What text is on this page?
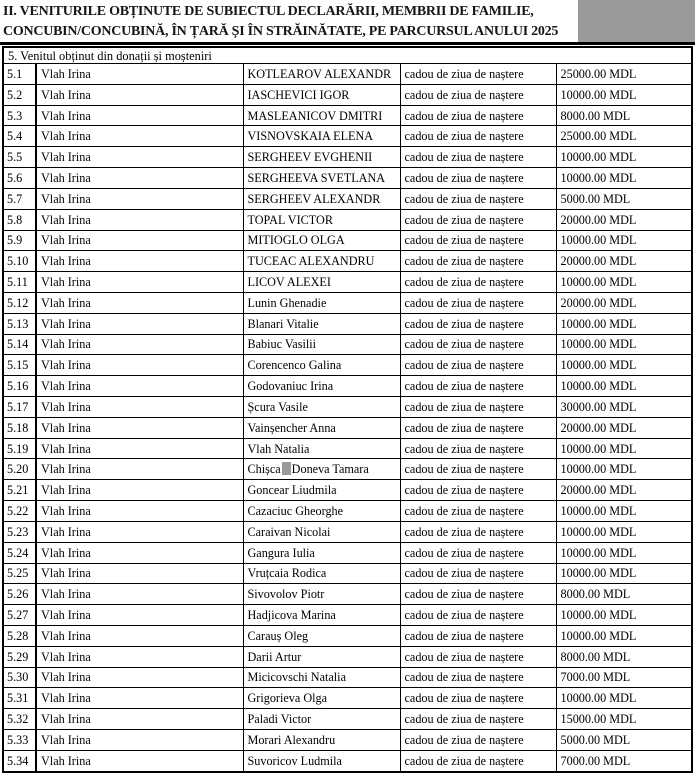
II. VENITURILE OBȚINUTE DE SUBIECTUL DECLARĂRII, MEMBRII DE FAMILIE,
CONCUBIN/CONCUBINĂ, ÎN ȚARĂ ȘI ÎN STRĂINĂTATE, PE PARCURSUL ANULUI 2025
5. Venitul obținut din donații și moșteniri				
5.1	Vlah Irina	KOTLEAROV ALEXANDR	cadou de ziua de naștere	25000.00 MDL
5.2	Vlah Irina	IASCHEVICI IGOR	cadou de ziua de naștere	10000.00 MDL
5.3	Vlah Irina	MASLEANICOV DMITRI	cadou de ziua de naștere	8000.00 MDL
5.4	Vlah Irina	VISNOVSKAIA ELENA	cadou de ziua de naștere	25000.00 MDL
5.5	Vlah Irina	SERGHEEV EVGHENII	cadou de ziua de naștere	10000.00 MDL
5.6	Vlah Irina	SERGHEEVA SVETLANA	cadou de ziua de naștere	10000.00 MDL
5.7	Vlah Irina	SERGHEEV ALEXANDR	cadou de ziua de naștere	5000.00 MDL
5.8	Vlah Irina	TOPAL VICTOR	cadou de ziua de naștere	20000.00 MDL
5.9	Vlah Irina	MITIOGLO OLGA	cadou de ziua de naștere	10000.00 MDL
5.10	Vlah Irina	TUCEAC ALEXANDRU	cadou de ziua de naștere	20000.00 MDL
5.11	Vlah Irina	LICOV ALEXEI	cadou de ziua de naștere	10000.00 MDL
5.12	Vlah Irina	Lunin Ghenadie	cadou de ziua de naștere	20000.00 MDL
5.13	Vlah Irina	Blanari Vitalie	cadou de ziua de naștere	10000.00 MDL
5.14	Vlah Irina	Babiuc Vasilii	cadou de ziua de naștere	10000.00 MDL
5.15	Vlah Irina	Corencenco Galina	cadou de ziua de naștere	10000.00 MDL
5.16	Vlah Irina	Godovaniuc Irina	cadou de ziua de naștere	10000.00 MDL
5.17	Vlah Irina	Șcura Vasile	cadou de ziua de naștere	30000.00 MDL
5.18	Vlah Irina	Vainșencher Anna	cadou de ziua de naștere	20000.00 MDL
5.19	Vlah Irina	Vlah Natalia	cadou de ziua de naștere	10000.00 MDL
5.20	Vlah Irina	Chișca Doneva Tamara	cadou de ziua de naștere	10000.00 MDL
5.21	Vlah Irina	Goncear Liudmila	cadou de ziua de naștere	20000.00 MDL
5.22	Vlah Irina	Cazaciuc Gheorghe	cadou de ziua de naștere	10000.00 MDL
5.23	Vlah Irina	Caraivan Nicolai	cadou de ziua de naștere	10000.00 MDL
5.24	Vlah Irina	Gangura Iulia	cadou de ziua de naștere	10000.00 MDL
5.25	Vlah Irina	Vruțcaia Rodica	cadou de ziua de naștere	10000.00 MDL
5.26	Vlah Irina	Sivovolov Piotr	cadou de ziua de naștere	8000.00 MDL
5.27	Vlah Irina	Hadjicova Marina	cadou de ziua de naștere	10000.00 MDL
5.28	Vlah Irina	Carauș Oleg	cadou de ziua de naștere	10000.00 MDL
5.29	Vlah Irina	Darii Artur	cadou de ziua de naștere	8000.00 MDL
5.30	Vlah Irina	Micicovschi Natalia	cadou de ziua de naștere	7000.00 MDL
5.31	Vlah Irina	Grigorieva Olga	cadou de ziua de naștere	10000.00 MDL
5.32	Vlah Irina	Paladi Victor	cadou de ziua de naștere	15000.00 MDL
5.33	Vlah Irina	Morari Alexandru	cadou de ziua de naștere	5000.00 MDL
5.34	Vlah Irina	Suvoricov Ludmila	cadou de ziua de naștere	7000.00 MDL
